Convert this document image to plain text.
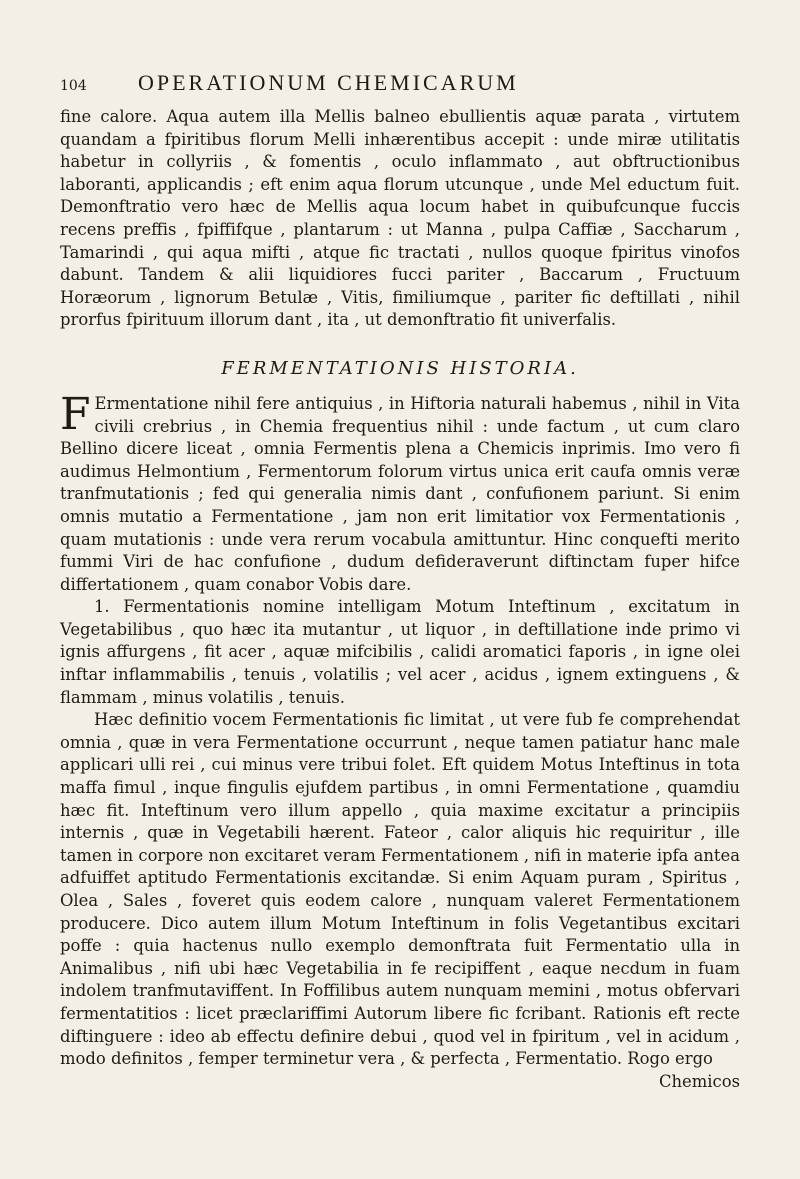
104 OPERATIONUM CHEMICARUM

fine calore. Aqua autem illa Mellis balneo ebullientis aquæ parata , virtutem quandam a fpiritibus florum Melli inhærentibus accepit : unde miræ utilitatis habetur in collyriis , & fomentis , oculo inflammato , aut obftructionibus laboranti, applicandis ; eft enim aqua florum utcunque , unde Mel eductum fuit. Demonftratio vero hæc de Mellis aqua locum habet in quibufcunque fuccis recens preffis , fpiffifque , plantarum : ut Manna , pulpa Caffiæ , Saccharum , Tamarindi , qui aqua mifti , atque fic tractati , nullos quoque fpiritus vinofos dabunt. Tandem & alii liquidiores fucci pariter , Baccarum , Fructuum Horæorum , lignorum Betulæ , Vitis, fimiliumque , pariter fic deftillati , nihil prorfus fpirituum illorum dant , ita , ut demonftratio fit univerfalis.

FERMENTATIONIS HISTORIA.

F Ermentatione nihil fere antiquius , in Hiftoria naturali habemus , nihil in Vita civili crebrius , in Chemia frequentius nihil : unde factum , ut cum claro Bellino dicere liceat , omnia Fermentis plena a Chemicis inprimis. Imo vero fi audimus Helmontium , Fermentorum folorum virtus unica erit caufa omnis veræ tranfmutationis ; fed qui generalia nimis dant , confufionem pariunt. Si enim omnis mutatio a Fermentatione , jam non erit limitatior vox Fermentationis , quam mutationis : unde vera rerum vocabula amittuntur. Hinc conquefti merito fummi Viri de hac confufione , dudum defideraverunt diftinctam fuper hifce differtationem , quam conabor Vobis dare.

1. Fermentationis nomine intelligam Motum Inteftinum , excitatum in Vegetabilibus , quo hæc ita mutantur , ut liquor , in deftillatione inde primo vi ignis affurgens , fit acer , aquæ mifcibilis , calidi aromatici faporis , in igne olei inftar inflammabilis , tenuis , volatilis ; vel acer , acidus , ignem extinguens , & flammam , minus volatilis , tenuis.

Hæc definitio vocem Fermentationis fic limitat , ut vere fub fe comprehendat omnia , quæ in vera Fermentatione occurrunt , neque tamen patiatur hanc male applicari ulli rei , cui minus vere tribui folet. Eft quidem Motus Inteftinus in tota maffa fimul , inque fingulis ejufdem partibus , in omni Fermentatione , quamdiu hæc fit. Inteftinum vero illum appello , quia maxime excitatur a principiis internis , quæ in Vegetabili hærent. Fateor , calor aliquis hic requiritur , ille tamen in corpore non excitaret veram Fermentationem , nifi in materie ipfa antea adfuiffet aptitudo Fermentationis excitandæ. Si enim Aquam puram , Spiritus , Olea , Sales , foveret quis eodem calore , nunquam valeret Fermentationem producere. Dico autem illum Motum Inteftinum in folis Vegetantibus excitari poffe : quia hactenus nullo exemplo demonftrata fuit Fermentatio ulla in Animalibus , nifi ubi hæc Vegetabilia in fe recipiffent , eaque necdum in fuam indolem tranfmutaviffent. In Foffilibus autem nunquam memini , motus obfervari fermentatitios : licet præclariffimi Autorum libere fic fcribant. Rationis eft recte diftinguere : ideo ab effectu definire debui , quod vel in fpiritum , vel in acidum , modo definitos , femper terminetur vera , & perfecta , Fermentatio. Rogo ergo

Chemicos
